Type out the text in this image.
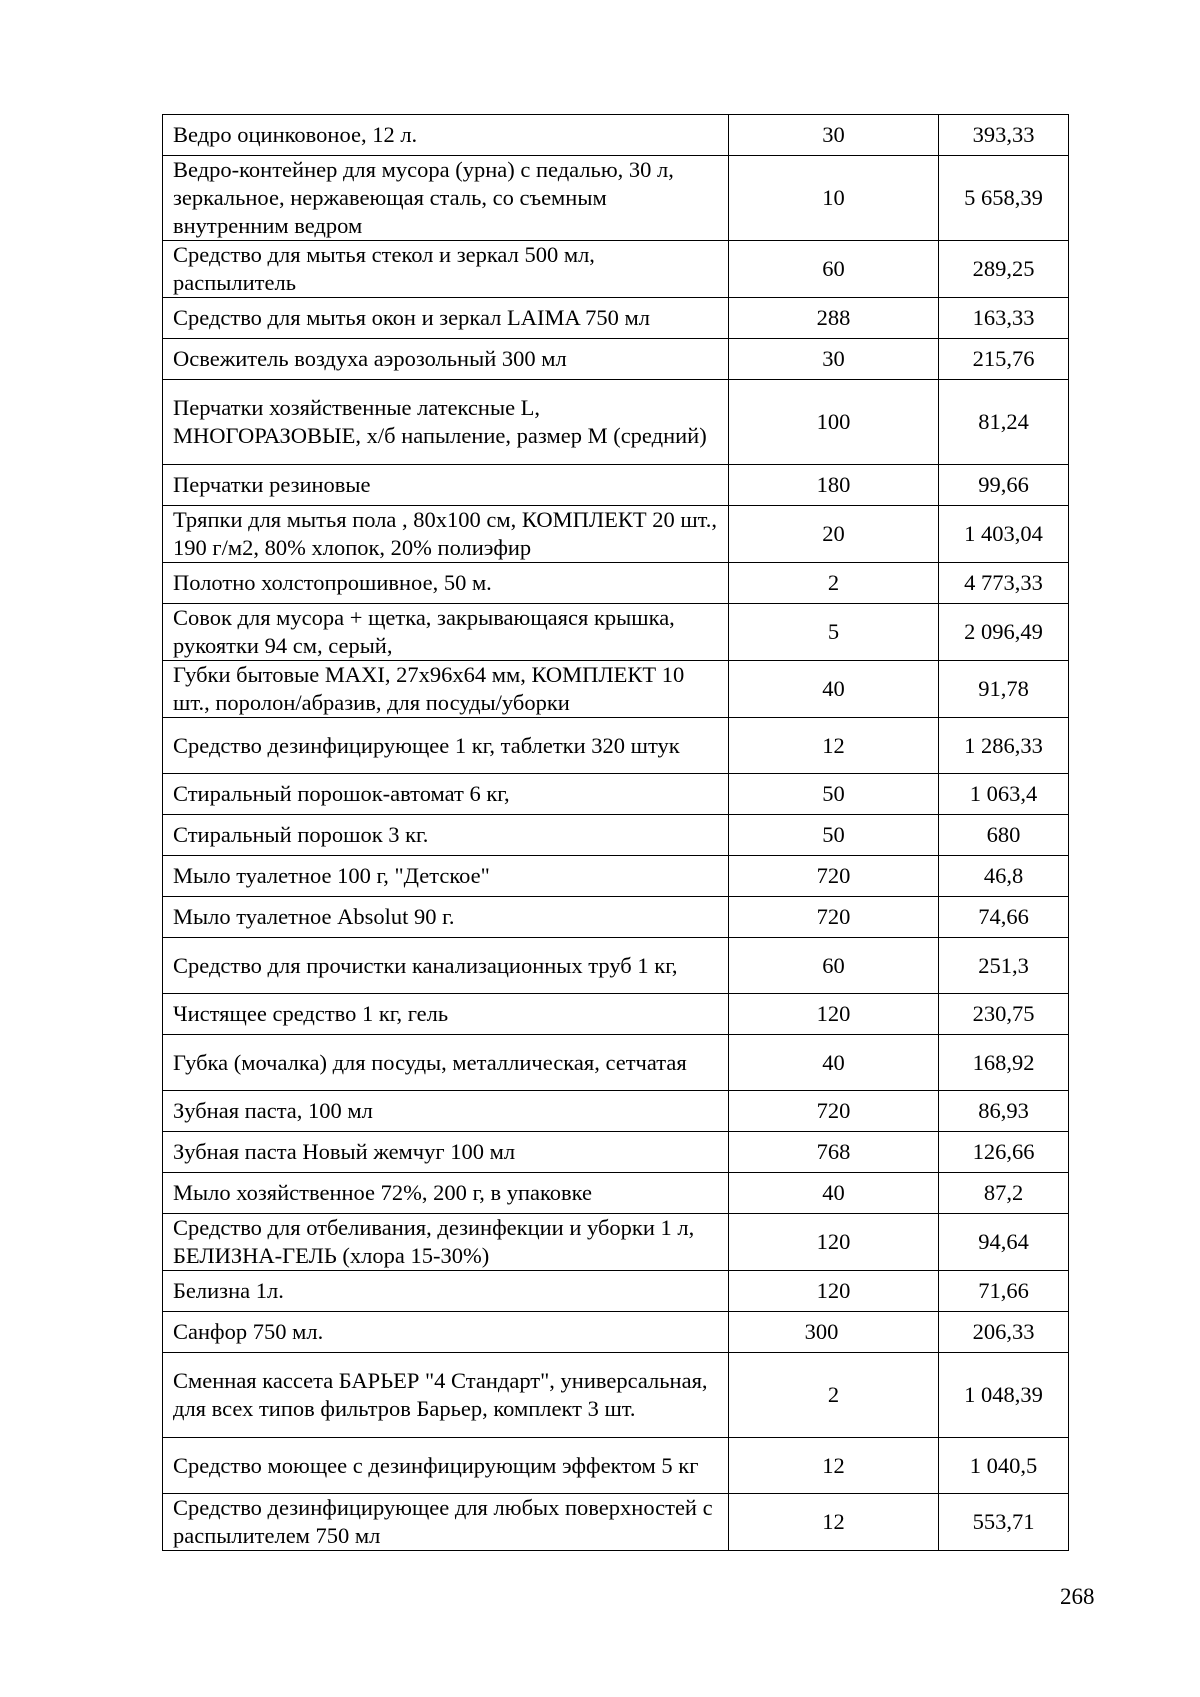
Ведро оцинковоное, 12 л.	30	393,33
Ведро-контейнер для мусора (урна) с педалью, 30 л, зеркальное, нержавеющая сталь, со съемным внутренним ведром	10	5 658,39
Средство для мытья стекол и зеркал 500 мл, распылитель	60	289,25
Средство для мытья окон и зеркал LAIMA 750 мл	288	163,33
Освежитель воздуха аэрозольный 300 мл	30	215,76
Перчатки хозяйственные латексные L, МНОГОРАЗОВЫЕ, х/б напыление, размер M (средний)	100	81,24
Перчатки резиновые	180	99,66
Тряпки для мытья пола , 80х100 см, КОМПЛЕКТ 20 шт., 190 г/м2, 80% хлопок, 20% полиэфир	20	1 403,04
Полотно холстопрошивное, 50 м.	2	4 773,33
Совок для мусора + щетка, закрывающаяся крышка, рукоятки 94 см, серый,	5	2 096,49
Губки бытовые MAXI, 27х96х64 мм, КОМПЛЕКТ 10 шт., поролон/абразив, для посуды/уборки	40	91,78
Средство дезинфицирующее 1 кг, таблетки 320 штук	12	1 286,33
Стиральный порошок-автомат 6 кг,	50	1 063,4
Стиральный порошок 3 кг.	50	680
Мыло туалетное 100 г, "Детское"	720	46,8
Мыло туалетное Absolut 90 г.	720	74,66
Средство для прочистки канализационных труб 1 кг,	60	251,3
Чистящее средство 1 кг, гель	120	230,75
Губка (мочалка) для посуды, металлическая, сетчатая	40	168,92
Зубная паста, 100 мл	720	86,93
Зубная паста Новый жемчуг 100 мл	768	126,66
Мыло хозяйственное 72%, 200 г, в упаковке	40	87,2
Средство для отбеливания, дезинфекции и уборки 1 л, БЕЛИЗНА-ГЕЛЬ (хлора 15-30%)	120	94,64
Белизна 1л.	120	71,66
Санфор 750 мл.	300	206,33
Сменная кассета БАРЬЕР "4 Стандарт", универсальная, для всех типов фильтров Барьер, комплект 3 шт.	2	1 048,39
Средство моющее с дезинфицирующим эффектом 5 кг	12	1 040,5
Средство дезинфицирующее для любых поверхностей с распылителем 750 мл	12	553,71
268
